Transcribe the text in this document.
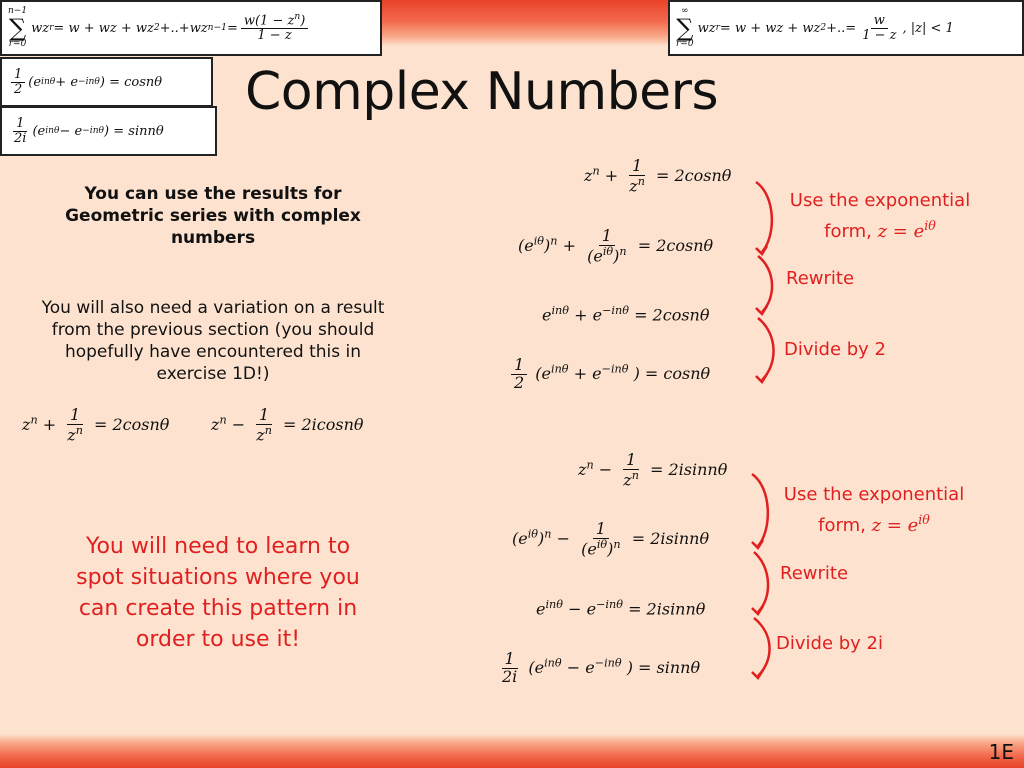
n−1
∑
r=0
wz r = w + wz + wz 2 +..+wz $n-1 = \frac{w(1 - z^n)}{1 - z}$
∞
∑
r=0
wz r = w + wz + wz 2 +..= $\frac{w}{1 - z}$ , |z| < 1
$\frac{1}{2} (e$ inθ + e −inθ ) = cosnθ
$\frac{1}{2i} (e$ inθ − e −inθ ) = sinnθ
Complex Numbers
You can use the results for Geometric series with complex numbers
You will also need a variation on a result from the previous section (you should hopefully have encountered this in exercise 1D!)
$z^n + \frac{1}{z^n} = 2\cos n\theta$	$z^n - \frac{1}{z^n} = 2icosn\theta$
You will need to learn to spot situations where you can create this pattern in order to use it!
$z^n + \frac{1}{z^n} = 2\cos n\theta$
$(e^{i\theta})^n + \frac{1}{(e^{i\theta})^n} = 2\cos n\theta$
$e^{in\theta} + e^{-in\theta} = 2\cos n\theta$
$\frac{1}{2} (e^{in\theta} + e^{-in\theta}$ ) = cosnθ
Use the exponential form, $z = e^{i\theta}$
Rewrite
Divide by 2
$z^n - \frac{1}{z^n} = 2isinn\theta$
$(e^{i\theta})^n - \frac{1}{(e^{i\theta})^n} = 2isinn\theta$
$e^{in\theta} - e^{-in\theta} = 2isinn\theta$
$\frac{1}{2i} (e^{in\theta} - e^{-in\theta}$ ) = sinnθ
Use the exponential form, $z = e^{i\theta}$
Rewrite
Divide by 2i
1E
